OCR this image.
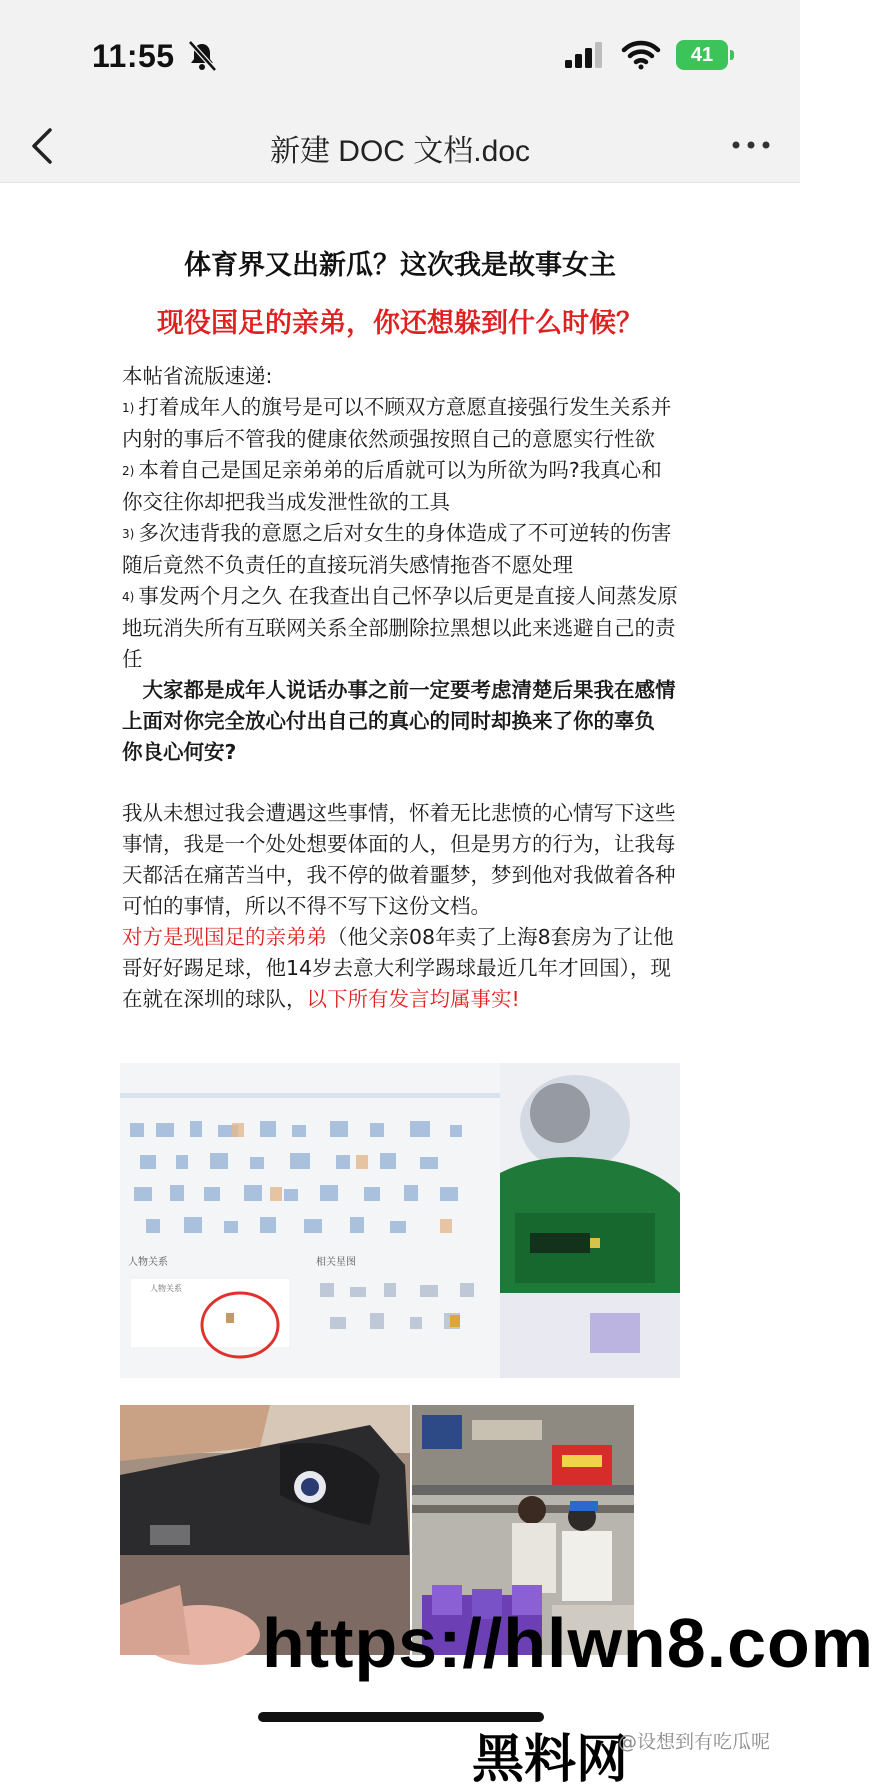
11:55	41
新建 DOC 文档.doc
体育界又出新瓜？这次我是故事女主
现役国足的亲弟，你还想躲到什么时候？

本帖省流版速递:

1) 打着成年人的旗号是可以不顾双方意愿直接强行发生关系并内射的事后不管我的健康依然顽强按照自己的意愿实行性欲

2) 本着自己是国足亲弟弟的后盾就可以为所欲为吗?我真心和你交往你却把我当成发泄性欲的工具

3) 多次违背我的意愿之后对女生的身体造成了不可逆转的伤害随后竟然不负责任的直接玩消失感情拖沓不愿处理

4) 事发两个月之久 在我查出自己怀孕以后更是直接人间蒸发原地玩消失所有互联网关系全部删除拉黑想以此来逃避自己的责任

大家都是成年人说话办事之前一定要考虑清楚后果我在感情上面对你完全放心付出自己的真心的同时却换来了你的辜负 你良心何安?

我从未想过我会遭遇这些事情，怀着无比悲愤的心情写下这些事情，我是一个处处想要体面的人，但是男方的行为，让我每天都活在痛苦当中，我不停的做着噩梦，梦到他对我做着各种可怕的事情，所以不得不写下这份文档。

对方是现国足的亲弟弟（他父亲08年卖了上海8套房为了让他哥好好踢足球，他14岁去意大利学踢球最近几年才回国），现在就在深圳的球队，以下所有发言均属事实!

人物关系	相关星图
人物关系
https://hlwn8.com
黑料网
@设想到有吃瓜呢
